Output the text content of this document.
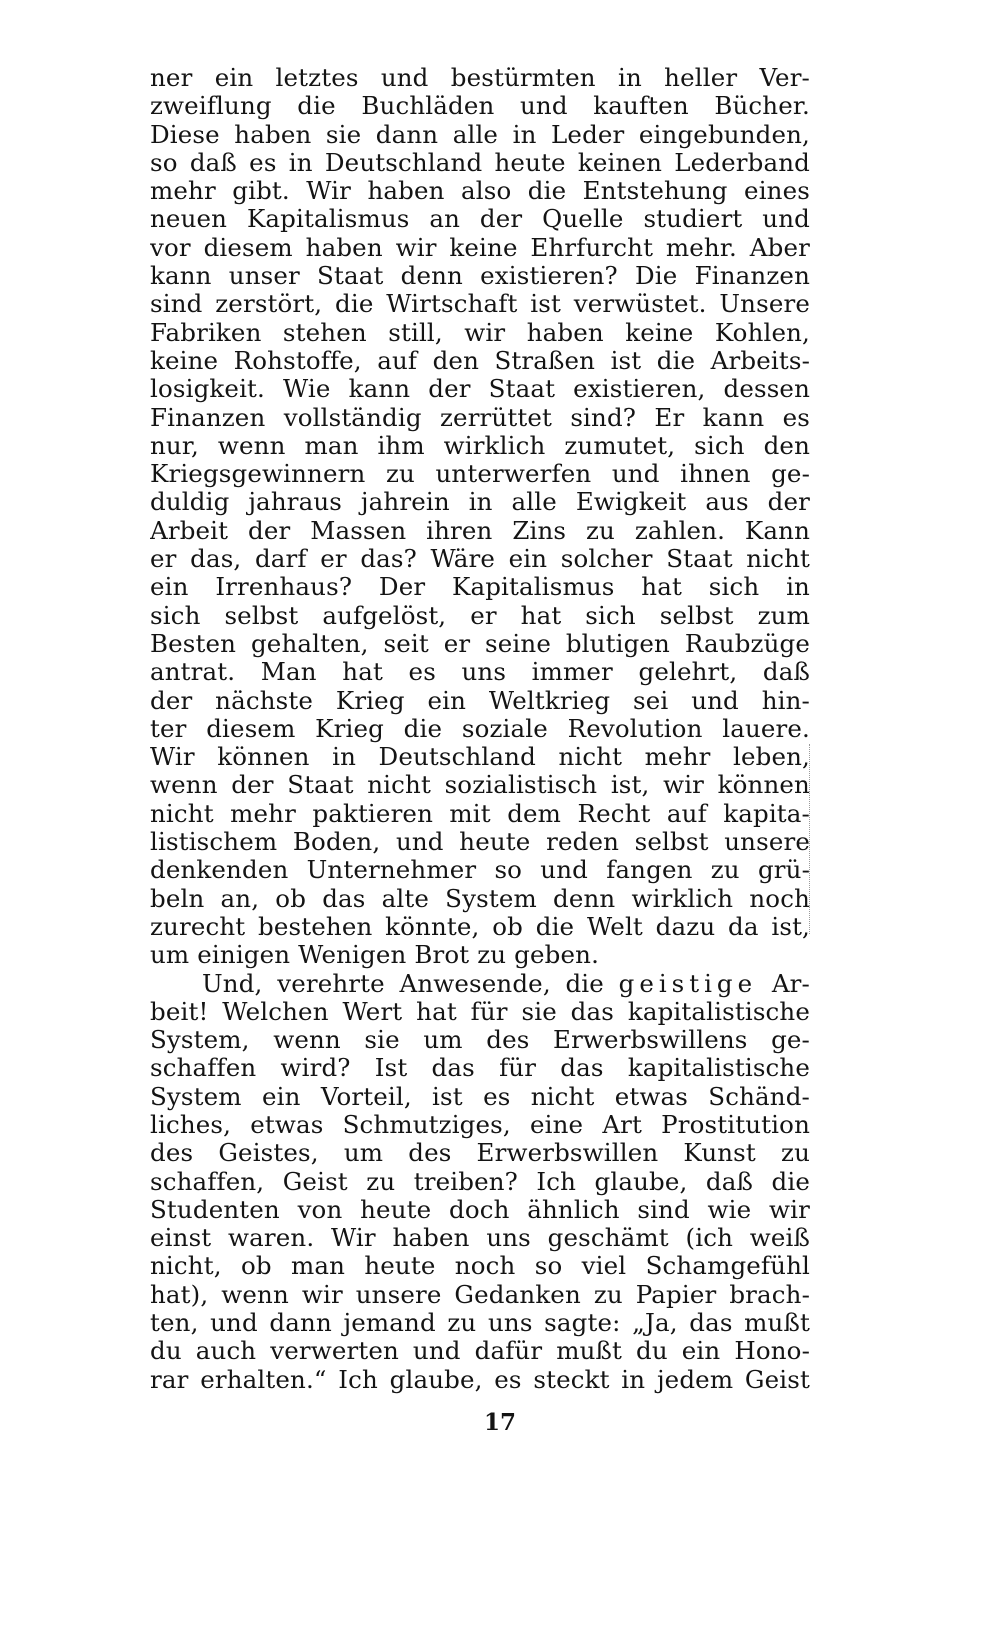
ner ein letztes und bestürmten in heller Ver-
zweiflung die Buchläden und kauften Bücher.
Diese haben sie dann alle in Leder eingebunden,
so daß es in Deutschland heute keinen Lederband
mehr gibt. Wir haben also die Entstehung eines
neuen Kapitalismus an der Quelle studiert und
vor diesem haben wir keine Ehrfurcht mehr. Aber
kann unser Staat denn existieren? Die Finanzen
sind zerstört, die Wirtschaft ist verwüstet. Unsere
Fabriken stehen still, wir haben keine Kohlen,
keine Rohstoffe, auf den Straßen ist die Arbeits-
losigkeit. Wie kann der Staat existieren, dessen
Finanzen vollständig zerrüttet sind? Er kann es
nur, wenn man ihm wirklich zumutet, sich den
Kriegsgewinnern zu unterwerfen und ihnen ge-
duldig jahraus jahrein in alle Ewigkeit aus der
Arbeit der Massen ihren Zins zu zahlen. Kann
er das, darf er das? Wäre ein solcher Staat nicht
ein Irrenhaus? Der Kapitalismus hat sich in
sich selbst aufgelöst, er hat sich selbst zum
Besten gehalten, seit er seine blutigen Raubzüge
antrat. Man hat es uns immer gelehrt, daß
der nächste Krieg ein Weltkrieg sei und hin-
ter diesem Krieg die soziale Revolution lauere.
Wir können in Deutschland nicht mehr leben,
wenn der Staat nicht sozialistisch ist, wir können
nicht mehr paktieren mit dem Recht auf kapita-
listischem Boden, und heute reden selbst unsere
denkenden Unternehmer so und fangen zu grü-
beln an, ob das alte System denn wirklich noch
zurecht bestehen könnte, ob die Welt dazu da ist,
um einigen Wenigen Brot zu geben.
Und, verehrte Anwesende, die geistige Ar-
beit! Welchen Wert hat für sie das kapitalistische
System, wenn sie um des Erwerbswillens ge-
schaffen wird? Ist das für das kapitalistische
System ein Vorteil, ist es nicht etwas Schänd-
liches, etwas Schmutziges, eine Art Prostitution
des Geistes, um des Erwerbswillen Kunst zu
schaffen, Geist zu treiben? Ich glaube, daß die
Studenten von heute doch ähnlich sind wie wir
einst waren. Wir haben uns geschämt (ich weiß
nicht, ob man heute noch so viel Schamgefühl
hat), wenn wir unsere Gedanken zu Papier brach-
ten, und dann jemand zu uns sagte: „Ja, das mußt
du auch verwerten und dafür mußt du ein Hono-
rar erhalten.“ Ich glaube, es steckt in jedem Geist
17
